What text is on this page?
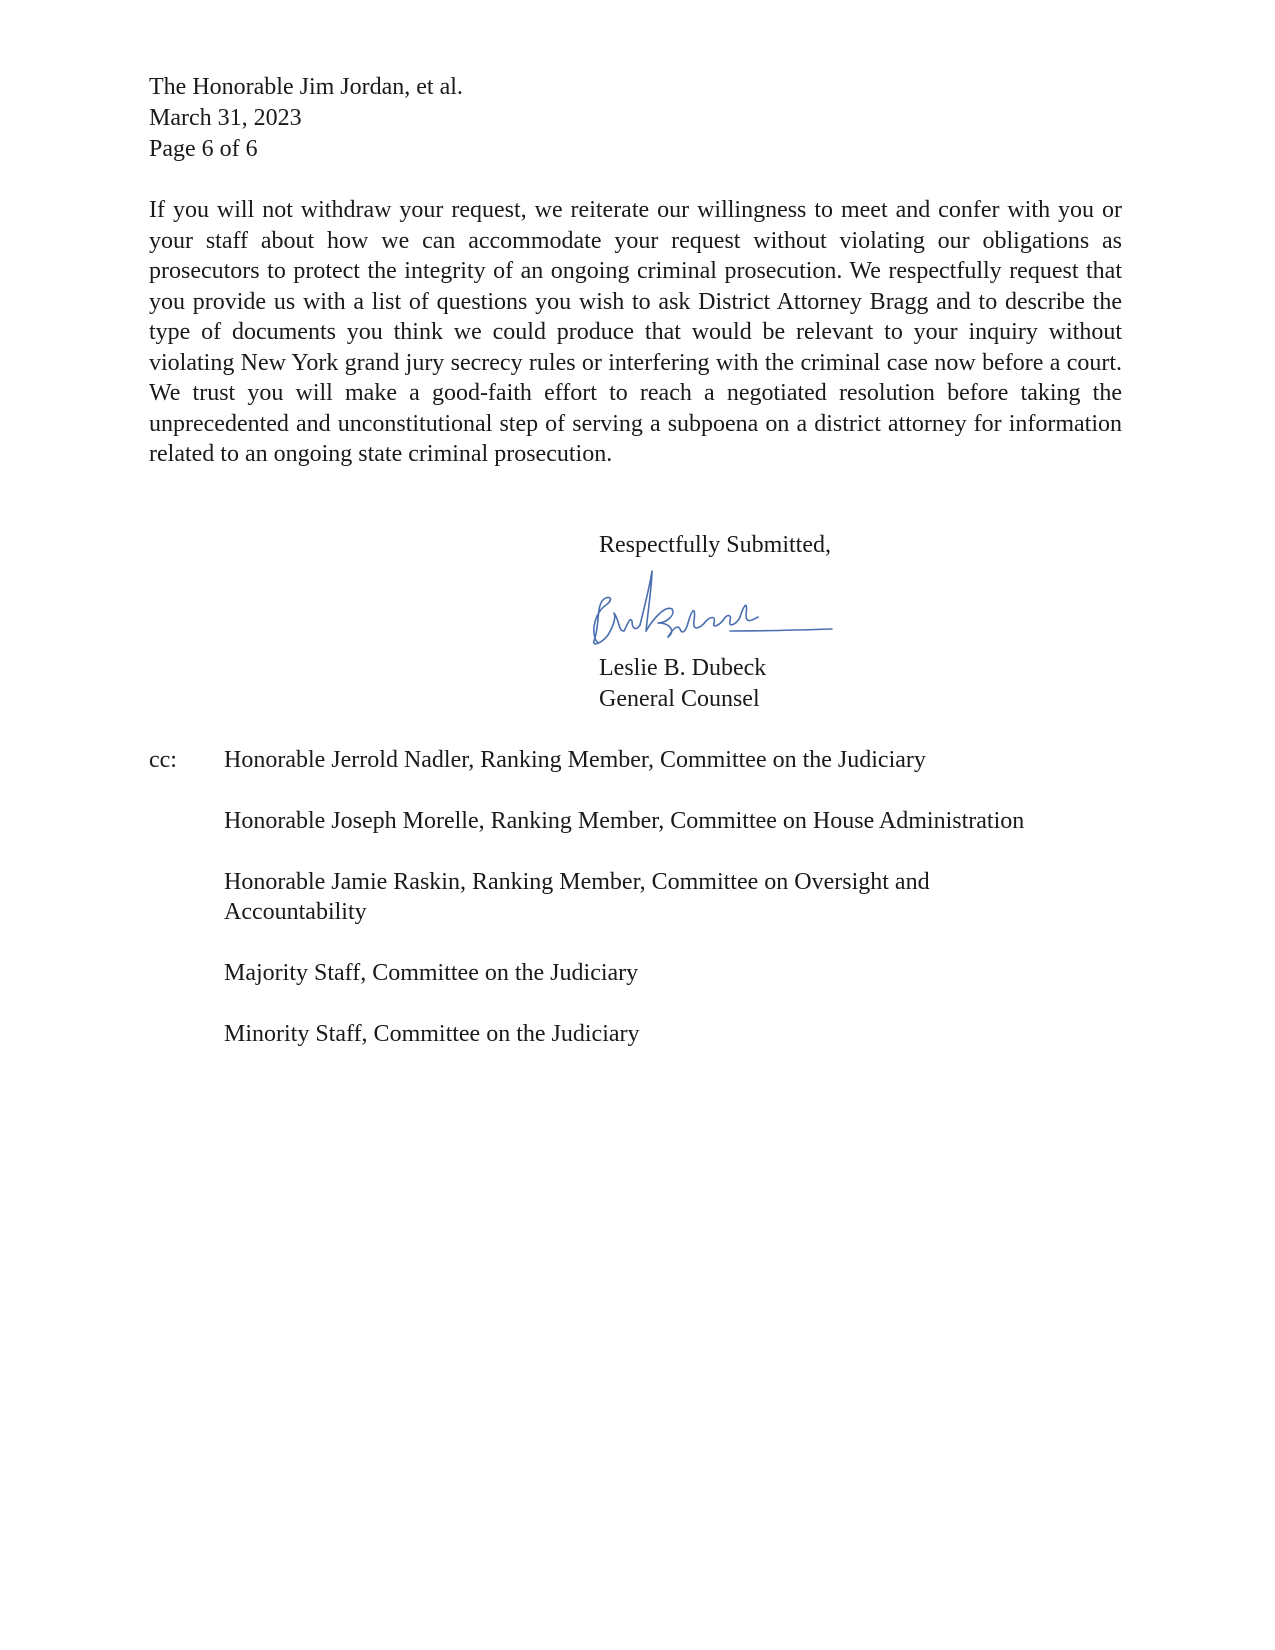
The Honorable Jim Jordan, et al.
March 31, 2023
Page 6 of 6

If you will not withdraw your request, we reiterate our willingness to meet and confer with you or your staff about how we can accommodate your request without violating our obligations as prosecutors to protect the integrity of an ongoing criminal prosecution. We respectfully request that you provide us with a list of questions you wish to ask District Attorney Bragg and to describe the type of documents you think we could produce that would be relevant to your inquiry without violating New York grand jury secrecy rules or interfering with the criminal case now before a court. We trust you will make a good-faith effort to reach a negotiated resolution before taking the unprecedented and unconstitutional step of serving a subpoena on a district attorney for information related to an ongoing state criminal prosecution.

Respectfully Submitted,
Leslie B. Dubeck
General Counsel
cc: Honorable Jerrold Nadler, Ranking Member, Committee on the Judiciary

Honorable Joseph Morelle, Ranking Member, Committee on House Administration

Honorable Jamie Raskin, Ranking Member, Committee on Oversight and Accountability

Majority Staff, Committee on the Judiciary

Minority Staff, Committee on the Judiciary
